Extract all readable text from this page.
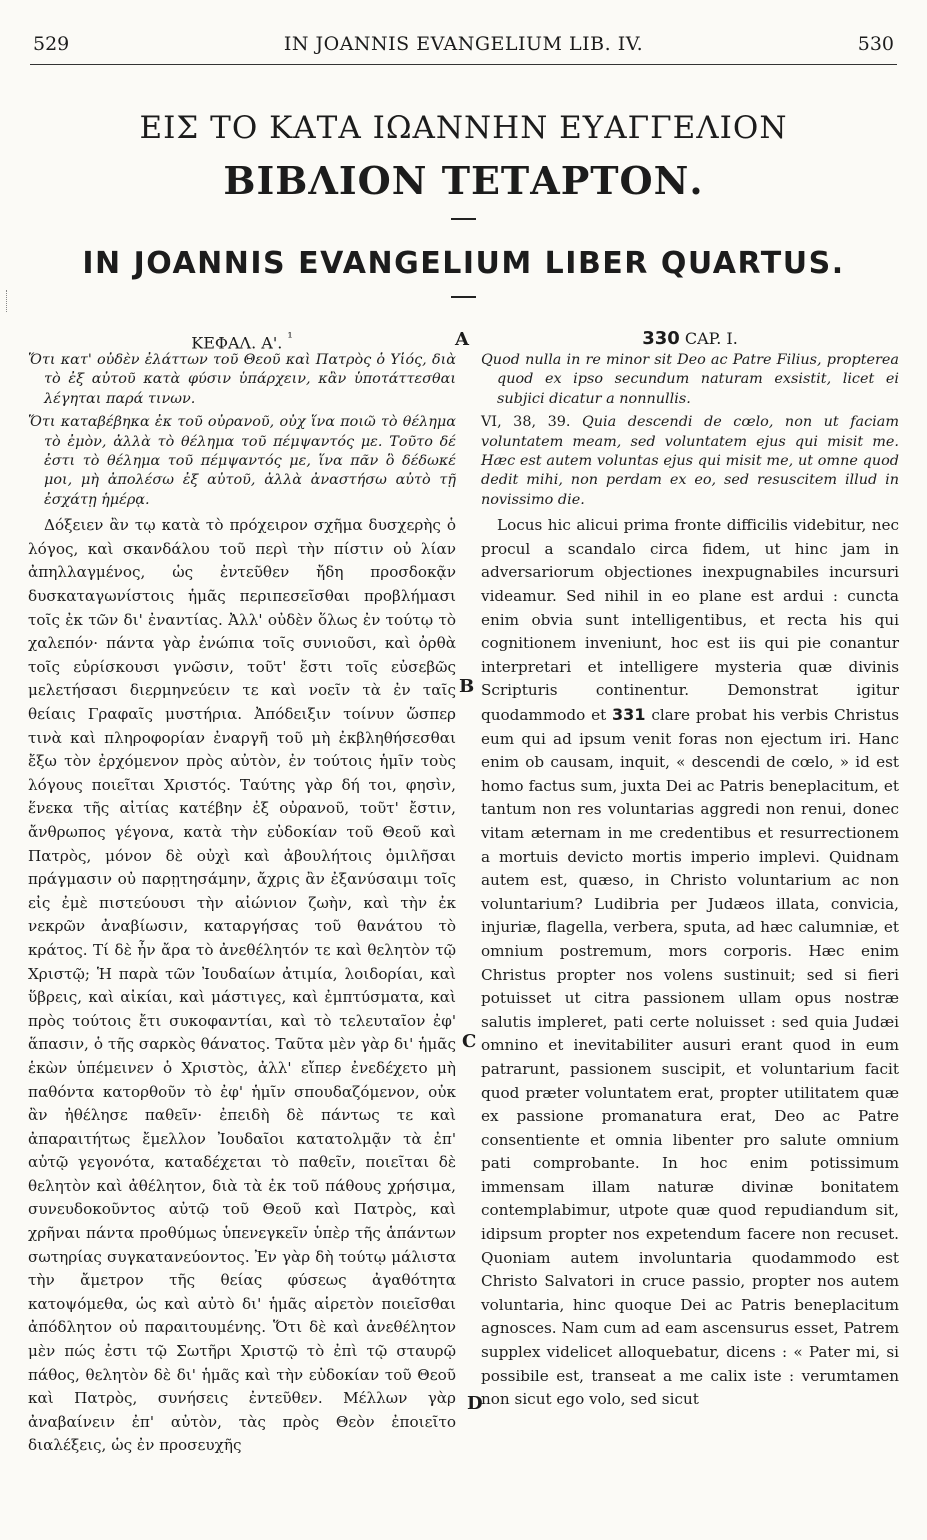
529	IN JOANNIS EVANGELIUM LIB. IV.	530
ΕΙΣ ΤΟ ΚΑΤΑ ΙΩΑΝΝΗΝ ΕΥΑΓΓΕΛΙΟΝ
ΒΙΒΛΙΟΝ ΤΕΤΑΡΤΟΝ.
IN JOANNIS EVANGELIUM LIBER QUARTUS.
ΚΕΦΑΛ. Α'. $^{^1}$
Ὅτι κατ' οὐδὲν ἐλάττων τοῦ Θεοῦ καὶ Πατρὸς ὁ Υἱός, διὰ τὸ ἐξ αὐτοῦ κατὰ φύσιν ὑπάρχειν, κἂν ὑποτάττεσθαι λέγηται παρά τινων.
Ὅτι καταβέβηκα ἐκ τοῦ οὐρανοῦ, οὐχ ἵνα ποιῶ τὸ θέλημα τὸ ἐμὸν, ἀλλὰ τὸ θέλημα τοῦ πέμψαντός με. Τοῦτο δέ ἐστι τὸ θέλημα τοῦ πέμψαντός με, ἵνα πᾶν ὃ δέδωκέ μοι, μὴ ἀπολέσω ἐξ αὐτοῦ, ἀλλὰ ἀναστήσω αὐτὸ τῇ ἐσχάτῃ ἡμέρᾳ.

Δόξειεν ἂν τῳ κατὰ τὸ πρόχειρον σχῆμα δυσχερὴς ὁ λόγος, καὶ σκανδάλου τοῦ περὶ τὴν πίστιν οὐ λίαν ἀπηλλαγμένος, ὡς ἐντεῦθεν ἤδη προσδοκᾷν δυσκαταγωνίστοις ἡμᾶς περιπεσεῖσθαι προβλήμασι τοῖς ἐκ τῶν δι' ἐναντίας. Ἀλλ' οὐδὲν ὅλως ἐν τούτῳ τὸ χαλεπόν· πάντα γὰρ ἐνώπια τοῖς συνιοῦσι, καὶ ὀρθὰ τοῖς εὑρίσκουσι γνῶσιν, τοῦτ' ἔστι τοῖς εὐσεβῶς μελετήσασι διερμηνεύειν τε καὶ νοεῖν τὰ ἐν ταῖς θείαις Γραφαῖς μυστήρια. Ἀπόδειξιν τοίνυν ὥσπερ τινὰ καὶ πληροφορίαν ἐναργῆ τοῦ μὴ ἐκβληθήσεσθαι ἔξω τὸν ἐρχόμενον πρὸς αὐτὸν, ἐν τούτοις ἡμῖν τοὺς λόγους ποιεῖται Χριστός. Ταύτης γὰρ δή τοι, φησὶν, ἕνεκα τῆς αἰτίας κατέβην ἐξ οὐρανοῦ, τοῦτ' ἔστιν, ἄνθρωπος γέγονα, κατὰ τὴν εὐδοκίαν τοῦ Θεοῦ καὶ Πατρὸς, μόνον δὲ οὐχὶ καὶ ἀβουλήτοις ὁμιλῆσαι πράγμασιν οὐ παρῃτησάμην, ἄχρις ἂν ἐξανύσαιμι τοῖς εἰς ἐμὲ πιστεύουσι τὴν αἰώνιον ζωὴν, καὶ τὴν ἐκ νεκρῶν ἀναβίωσιν, καταργήσας τοῦ θανάτου τὸ κράτος. Τί δὲ ἦν ἄρα τὸ ἀνεθέλητόν τε καὶ θελητὸν τῷ Χριστῷ; Ἡ παρὰ τῶν Ἰουδαίων ἀτιμία, λοιδορίαι, καὶ ὕβρεις, καὶ αἰκίαι, καὶ μάστιγες, καὶ ἐμπτύσματα, καὶ πρὸς τούτοις ἔτι συκοφαντίαι, καὶ τὸ τελευταῖον ἐφ' ἅπασιν, ὁ τῆς σαρκὸς θάνατος. Ταῦτα μὲν γὰρ δι' ἡμᾶς ἑκὼν ὑπέμεινεν ὁ Χριστὸς, ἀλλ' εἴπερ ἐνεδέχετο μὴ παθόντα κατορθοῦν τὸ ἐφ' ἡμῖν σπουδαζόμενον, οὐκ ἂν ἠθέλησε παθεῖν· ἐπειδὴ δὲ πάντως τε καὶ ἀπαραιτήτως ἔμελλον Ἰουδαῖοι κατατολμᾷν τὰ ἐπ' αὐτῷ γεγονότα, καταδέχεται τὸ παθεῖν, ποιεῖται δὲ θελητὸν καὶ ἀθέλητον, διὰ τὰ ἐκ τοῦ πάθους χρήσιμα, συνευδοκοῦντος αὐτῷ τοῦ Θεοῦ καὶ Πατρὸς, καὶ χρῆναι πάντα προθύμως ὑπενεγκεῖν ὑπὲρ τῆς ἁπάντων σωτηρίας συγκατανεύοντος. Ἐν γὰρ δὴ τούτῳ μάλιστα τὴν ἄμετρον τῆς θείας φύσεως ἀγαθότητα κατοψόμεθα, ὡς καὶ αὐτὸ δι' ἡμᾶς αἱρετὸν ποιεῖσθαι ἀπόδλητον οὐ παραιτουμένης. Ὅτι δὲ καὶ ἀνεθέλητον μὲν πώς ἐστι τῷ Σωτῆρι Χριστῷ τὸ ἐπὶ τῷ σταυρῷ πάθος, θελητὸν δὲ δι' ἡμᾶς καὶ τὴν εὐδοκίαν τοῦ Θεοῦ καὶ Πατρὸς, συνήσεις ἐντεῦθεν. Μέλλων γὰρ ἀναβαίνειν ἐπ' αὐτὸν, τὰς πρὸς Θεὸν ἐποιεῖτο διαλέξεις, ὡς ἐν προσευχῆς

330 CAP. I.
Quod nulla in re minor sit Deo ac Patre Filius, propterea quod ex ipso secundum naturam exsistit, licet ei subjici dicatur a nonnullis.
VI, 38, 39. Quia descendi de cœlo, non ut faciam voluntatem meam, sed voluntatem ejus qui misit me. Hæc est autem voluntas ejus qui misit me, ut omne quod dedit mihi, non perdam ex eo, sed resuscitem illud in novissimo die.

Locus hic alicui prima fronte difficilis videbitur, nec procul a scandalo circa fidem, ut hinc jam in adversariorum objectiones inexpugnabiles incursuri videamur. Sed nihil in eo plane est ardui : cuncta enim obvia sunt intelligentibus, et recta his qui cognitionem inveniunt, hoc est iis qui pie conantur interpretari et intelligere mysteria quæ divinis Scripturis continentur. Demonstrat igitur quodammodo et 331 clare probat his verbis Christus eum qui ad ipsum venit foras non ejectum iri. Hanc enim ob causam, inquit, « descendi de cœlo, » id est homo factus sum, juxta Dei ac Patris beneplacitum, et tantum non res voluntarias aggredi non renui, donec vitam æternam in me credentibus et resurrectionem a mortuis devicto mortis imperio implevi. Quidnam autem est, quæso, in Christo voluntarium ac non voluntarium? Ludibria per Judæos illata, convicia, injuriæ, flagella, verbera, sputa, ad hæc calumniæ, et omnium postremum, mors corporis. Hæc enim Christus propter nos volens sustinuit; sed si fieri potuisset ut citra passionem ullam opus nostræ salutis impleret, pati certe noluisset : sed quia Judæi omnino et inevitabiliter ausuri erant quod in eum patrarunt, passionem suscipit, et voluntarium facit quod præter voluntatem erat, propter utilitatem quæ ex passione promanatura erat, Deo ac Patre consentiente et omnia libenter pro salute omnium pati comprobante. In hoc enim potissimum immensam illam naturæ divinæ bonitatem contemplabimur, utpote quæ quod repudiandum sit, idipsum propter nos expetendum facere non recuset. Quoniam autem involuntaria quodammodo est Christo Salvatori in cruce passio, propter nos autem voluntaria, hinc quoque Dei ac Patris beneplacitum agnosces. Nam cum ad eam ascensurus esset, Patrem supplex videlicet alloquebatur, dicens : « Pater mi, si possibile est, transeat a me calix iste : verumtamen non sicut ego volo, sed sicut

A
B
C
D
